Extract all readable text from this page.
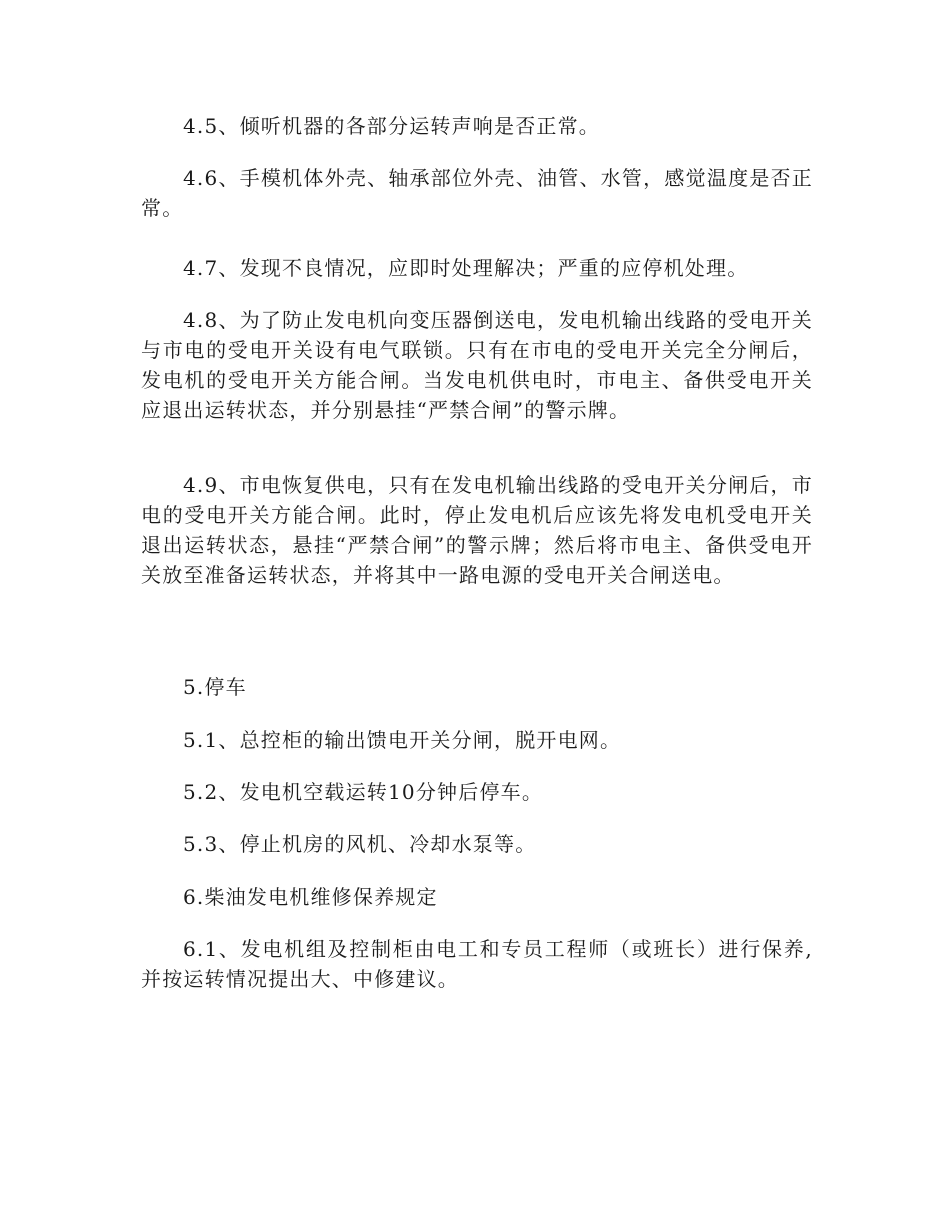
4.5、倾听机器的各部分运转声响是否正常。

4.6、手模机体外壳、轴承部位外壳、油管、水管，感觉温度是否正常。

4.7、发现不良情况，应即时处理解决；严重的应停机处理。

4.8、为了防止发电机向变压器倒送电，发电机输出线路的受电开关与市电的受电开关设有电气联锁。只有在市电的受电开关完全分闸后，发电机的受电开关方能合闸。当发电机供电时，市电主、备供受电开关应退出运转状态，并分别悬挂“严禁合闸”的警示牌。

4.9、市电恢复供电，只有在发电机输出线路的受电开关分闸后，市电的受电开关方能合闸。此时，停止发电机后应该先将发电机受电开关退出运转状态，悬挂“严禁合闸”的警示牌；然后将市电主、备供受电开关放至准备运转状态，并将其中一路电源的受电开关合闸送电。

5.停车

5.1、总控柜的输出馈电开关分闸，脱开电网。

5.2、发电机空载运转10分钟后停车。

5.3、停止机房的风机、冷却水泵等。

6.柴油发电机维修保养规定

6.1、发电机组及控制柜由电工和专员工程师（或班长）进行保养,并按运转情况提出大、中修建议。
